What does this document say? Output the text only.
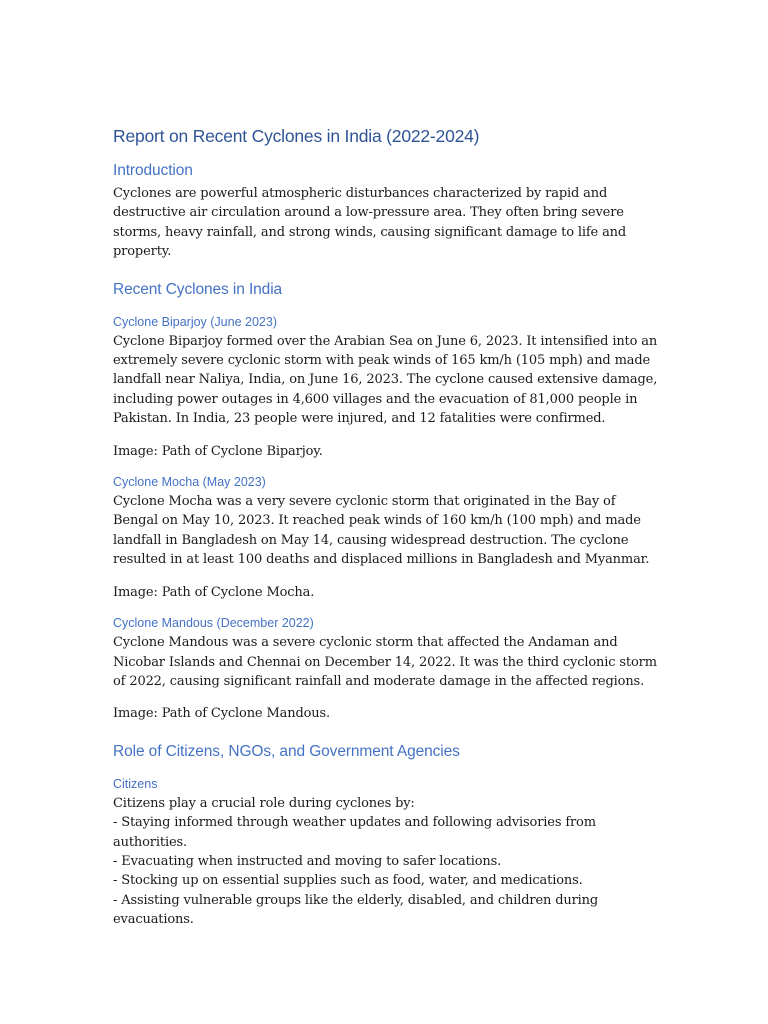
Report on Recent Cyclones in India (2022-2024)
Introduction

Cyclones are powerful atmospheric disturbances characterized by rapid and destructive air circulation around a low-pressure area. They often bring severe storms, heavy rainfall, and strong winds, causing significant damage to life and property.

Recent Cyclones in India
Cyclone Biparjoy (June 2023)

Cyclone Biparjoy formed over the Arabian Sea on June 6, 2023. It intensified into an extremely severe cyclonic storm with peak winds of 165 km/h (105 mph) and made landfall near Naliya, India, on June 16, 2023. The cyclone caused extensive damage, including power outages in 4,600 villages and the evacuation of 81,000 people in Pakistan. In India, 23 people were injured, and 12 fatalities were confirmed.

Image: Path of Cyclone Biparjoy.

Cyclone Mocha (May 2023)

Cyclone Mocha was a very severe cyclonic storm that originated in the Bay of Bengal on May 10, 2023. It reached peak winds of 160 km/h (100 mph) and made landfall in Bangladesh on May 14, causing widespread destruction. The cyclone resulted in at least 100 deaths and displaced millions in Bangladesh and Myanmar.

Image: Path of Cyclone Mocha.

Cyclone Mandous (December 2022)

Cyclone Mandous was a severe cyclonic storm that affected the Andaman and Nicobar Islands and Chennai on December 14, 2022. It was the third cyclonic storm of 2022, causing significant rainfall and moderate damage in the affected regions.

Image: Path of Cyclone Mandous.

Role of Citizens, NGOs, and Government Agencies
Citizens

Citizens play a crucial role during cyclones by:

- Staying informed through weather updates and following advisories from authorities.
- Evacuating when instructed and moving to safer locations.
- Stocking up on essential supplies such as food, water, and medications.
- Assisting vulnerable groups like the elderly, disabled, and children during evacuations.
